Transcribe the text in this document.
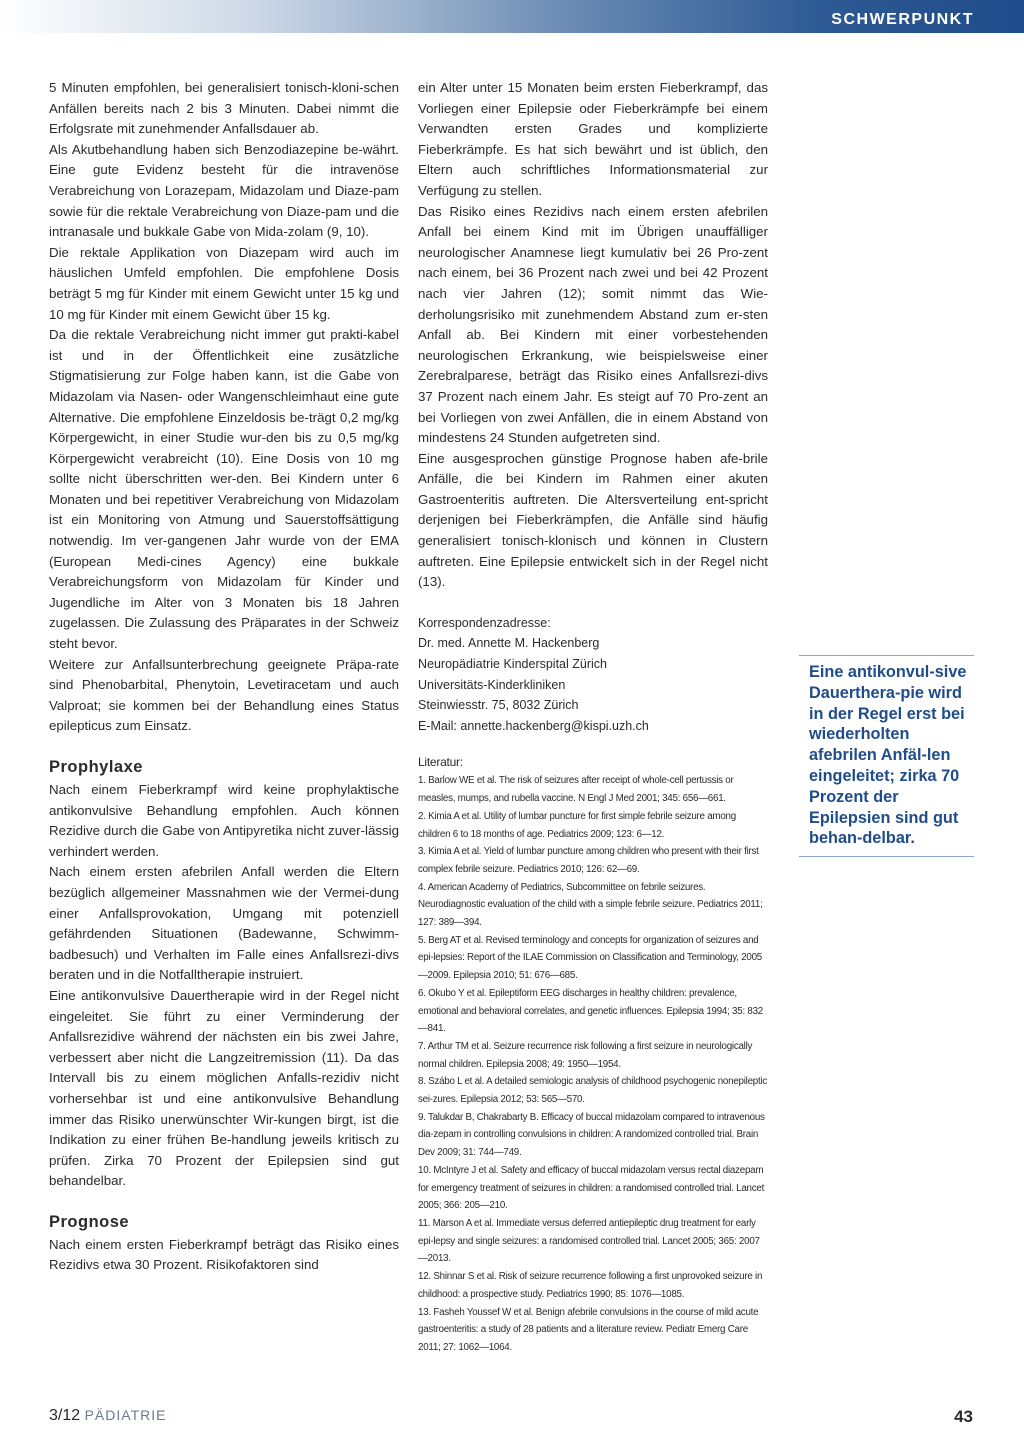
SCHWERPUNKT

5 Minuten empfohlen, bei generalisiert tonisch-kloni-schen Anfällen bereits nach 2 bis 3 Minuten. Dabei nimmt die Erfolgsrate mit zunehmender Anfallsdauer ab.

Als Akutbehandlung haben sich Benzodiazepine be-währt. Eine gute Evidenz besteht für die intravenöse Verabreichung von Lorazepam, Midazolam und Diaze-pam sowie für die rektale Verabreichung von Diaze-pam und die intranasale und bukkale Gabe von Mida-zolam (9, 10).

Die rektale Applikation von Diazepam wird auch im häuslichen Umfeld empfohlen. Die empfohlene Dosis beträgt 5 mg für Kinder mit einem Gewicht unter 15 kg und 10 mg für Kinder mit einem Gewicht über 15 kg.

Da die rektale Verabreichung nicht immer gut prakti-kabel ist und in der Öffentlichkeit eine zusätzliche Stigmatisierung zur Folge haben kann, ist die Gabe von Midazolam via Nasen- oder Wangenschleimhaut eine gute Alternative. Die empfohlene Einzeldosis be-trägt 0,2 mg/kg Körpergewicht, in einer Studie wur-den bis zu 0,5 mg/kg Körpergewicht verabreicht (10). Eine Dosis von 10 mg sollte nicht überschritten wer-den. Bei Kindern unter 6 Monaten und bei repetitiver Verabreichung von Midazolam ist ein Monitoring von Atmung und Sauerstoffsättigung notwendig. Im ver-gangenen Jahr wurde von der EMA (European Medi-cines Agency) eine bukkale Verabreichungsform von Midazolam für Kinder und Jugendliche im Alter von 3 Monaten bis 18 Jahren zugelassen. Die Zulassung des Präparates in der Schweiz steht bevor.

Weitere zur Anfallsunterbrechung geeignete Präpa-rate sind Phenobarbital, Phenytoin, Levetiracetam und auch Valproat; sie kommen bei der Behandlung eines Status epilepticus zum Einsatz.

Prophylaxe

Nach einem Fieberkrampf wird keine prophylaktische antikonvulsive Behandlung empfohlen. Auch können Rezidive durch die Gabe von Antipyretika nicht zuver-lässig verhindert werden.

Nach einem ersten afebrilen Anfall werden die Eltern bezüglich allgemeiner Massnahmen wie der Vermei-dung einer Anfallsprovokation, Umgang mit potenziell gefährdenden Situationen (Badewanne, Schwimm-badbesuch) und Verhalten im Falle eines Anfallsrezi-divs beraten und in die Notfalltherapie instruiert.

Eine antikonvulsive Dauertherapie wird in der Regel nicht eingeleitet. Sie führt zu einer Verminderung der Anfallsrezidive während der nächsten ein bis zwei Jahre, verbessert aber nicht die Langzeitremission (11). Da das Intervall bis zu einem möglichen Anfalls-rezidiv nicht vorhersehbar ist und eine antikonvulsive Behandlung immer das Risiko unerwünschter Wir-kungen birgt, ist die Indikation zu einer frühen Be-handlung jeweils kritisch zu prüfen. Zirka 70 Prozent der Epilepsien sind gut behandelbar.

Prognose

Nach einem ersten Fieberkrampf beträgt das Risiko eines Rezidivs etwa 30 Prozent. Risikofaktoren sind

ein Alter unter 15 Monaten beim ersten Fieberkrampf, das Vorliegen einer Epilepsie oder Fieberkrämpfe bei einem Verwandten ersten Grades und komplizierte Fieberkrämpfe. Es hat sich bewährt und ist üblich, den Eltern auch schriftliches Informationsmaterial zur Verfügung zu stellen.

Das Risiko eines Rezidivs nach einem ersten afebrilen Anfall bei einem Kind mit im Übrigen unauffälliger neurologischer Anamnese liegt kumulativ bei 26 Pro-zent nach einem, bei 36 Prozent nach zwei und bei 42 Prozent nach vier Jahren (12); somit nimmt das Wie-derholungsrisiko mit zunehmendem Abstand zum er-sten Anfall ab. Bei Kindern mit einer vorbestehenden neurologischen Erkrankung, wie beispielsweise einer Zerebralparese, beträgt das Risiko eines Anfallsrezi-divs 37 Prozent nach einem Jahr. Es steigt auf 70 Pro-zent an bei Vorliegen von zwei Anfällen, die in einem Abstand von mindestens 24 Stunden aufgetreten sind.

Eine ausgesprochen günstige Prognose haben afe-brile Anfälle, die bei Kindern im Rahmen einer akuten Gastroenteritis auftreten. Die Altersverteilung ent-spricht derjenigen bei Fieberkrämpfen, die Anfälle sind häufig generalisiert tonisch-klonisch und können in Clustern auftreten. Eine Epilepsie entwickelt sich in der Regel nicht (13).

Korrespondenzadresse:
Dr. med. Annette M. Hackenberg
Neuropädiatrie Kinderspital Zürich
Universitäts-Kinderkliniken
Steinwiesstr. 75, 8032 Zürich
E-Mail: annette.hackenberg@kispi.uzh.ch
Literatur:
1. Barlow WE et al. The risk of seizures after receipt of whole-cell pertussis or measles, mumps, and rubella vaccine. N Engl J Med 2001; 345: 656—661.
2. Kimia A et al. Utility of lumbar puncture for first simple febrile seizure among children 6 to 18 months of age. Pediatrics 2009; 123: 6—12.
3. Kimia A et al. Yield of lumbar puncture among children who present with their first complex febrile seizure. Pediatrics 2010; 126: 62—69.
4. American Academy of Pediatrics, Subcommittee on febrile seizures. Neurodiagnostic evaluation of the child with a simple febrile seizure. Pediatrics 2011; 127: 389—394.
5. Berg AT et al. Revised terminology and concepts for organization of seizures and epi-lepsies: Report of the ILAE Commission on Classification and Terminology, 2005—2009. Epilepsia 2010; 51: 676—685.
6. Okubo Y et al. Epileptiform EEG discharges in healthy children: prevalence, emotional and behavioral correlates, and genetic influences. Epilepsia 1994; 35: 832—841.
7. Arthur TM et al. Seizure recurrence risk following a first seizure in neurologically normal children. Epilepsia 2008; 49: 1950—1954.
8. Szábo L et al. A detailed semiologic analysis of childhood psychogenic nonepileptic sei-zures. Epilepsia 2012; 53: 565—570.
9. Talukdar B, Chakrabarty B. Efficacy of buccal midazolam compared to intravenous dia-zepam in controlling convulsions in children: A randomized controlled trial. Brain Dev 2009; 31: 744—749.
10. McIntyre J et al. Safety and efficacy of buccal midazolam versus rectal diazepam for emergency treatment of seizures in children: a randomised controlled trial. Lancet 2005; 366: 205—210.
11. Marson A et al. Immediate versus deferred antiepileptic drug treatment for early epi-lepsy and single seizures: a randomised controlled trial. Lancet 2005; 365: 2007—2013.
12. Shinnar S et al. Risk of seizure recurrence following a first unprovoked seizure in childhood: a prospective study. Pediatrics 1990; 85: 1076—1085.
13. Fasheh Youssef W et al. Benign afebrile convulsions in the course of mild acute gastroenteritis: a study of 28 patients and a literature review. Pediatr Emerg Care 2011; 27: 1062—1064.
Eine antikonvul-sive Dauerthera-pie wird in der Regel erst bei wiederholten afebrilen Anfäl-len eingeleitet; zirka 70 Prozent der Epilepsien sind gut behan-delbar.
3/12 PÄDIATRIE	43
